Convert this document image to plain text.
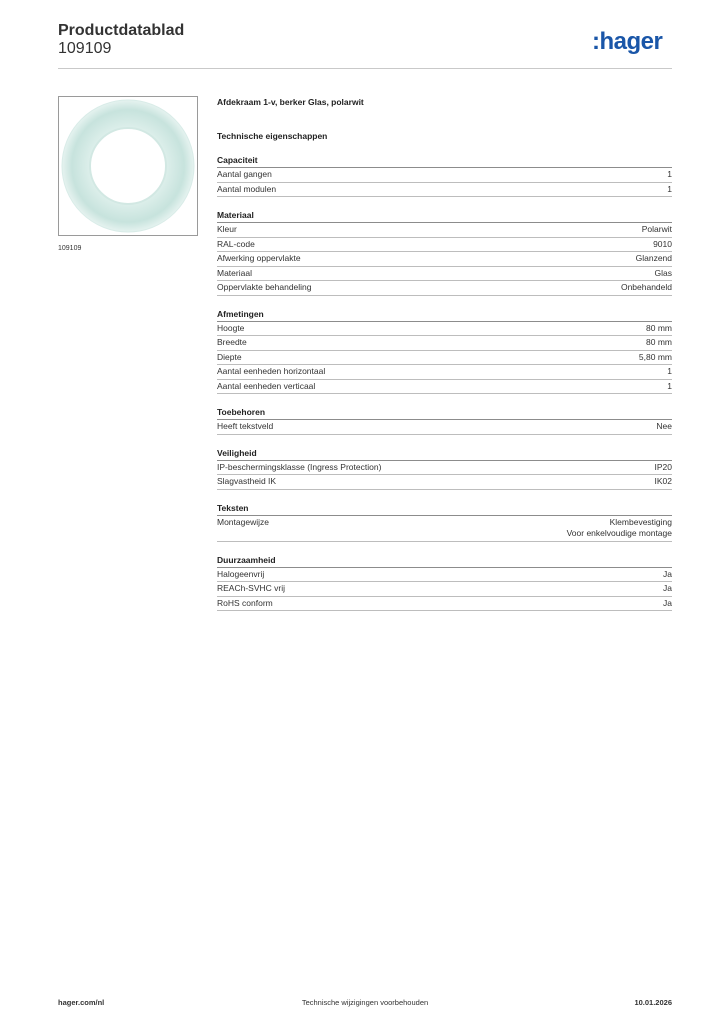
Productdatablad
109109	:hager
109109
Afdekraam 1-v, berker Glas, polarwit
Technische eigenschappen
Capaciteit
Aantal gangen	1
Aantal modulen	1
Materiaal
Kleur	Polarwit
RAL-code	9010
Afwerking oppervlakte	Glanzend
Materiaal	Glas
Oppervlakte behandeling	Onbehandeld
Afmetingen
Hoogte	80 mm
Breedte	80 mm
Diepte	5,80 mm
Aantal eenheden horizontaal	1
Aantal eenheden verticaal	1
Toebehoren
Heeft tekstveld	Nee
Veiligheid
IP-beschermingsklasse (Ingress Protection)	IP20
Slagvastheid IK	IK02
Teksten
Montagewijze	Klembevestiging
Voor enkelvoudige montage
Duurzaamheid
Halogeenvrij	Ja
REACh-SVHC vrij	Ja
RoHS conform	Ja
hager.com/nl	Technische wijzigingen voorbehouden	10.01.2026
